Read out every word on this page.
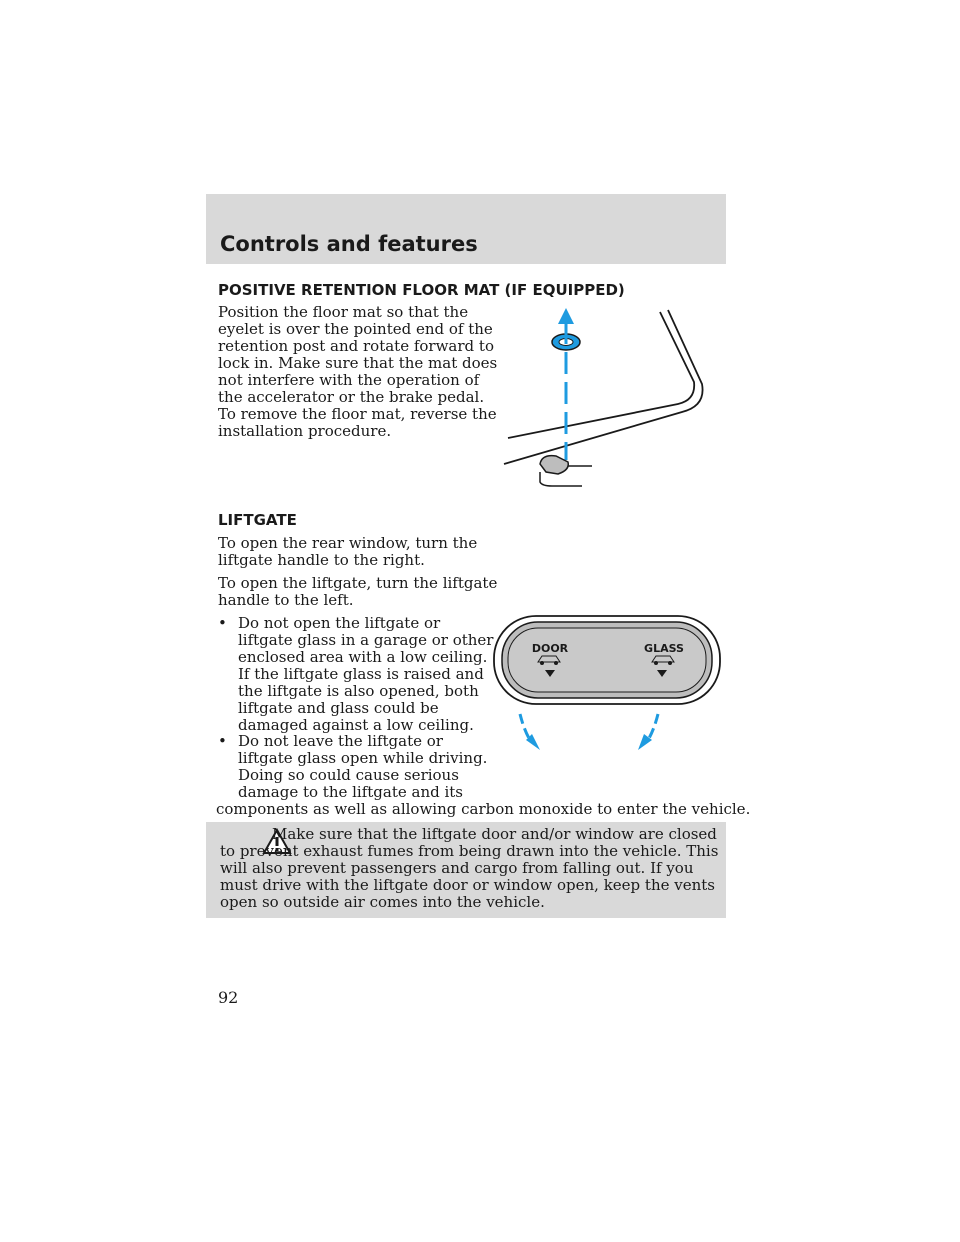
Controls and features
POSITIVE RETENTION FLOOR MAT (IF EQUIPPED)

Position the floor mat so that the
eyelet is over the pointed end of the
retention post and rotate forward to
lock in. Make sure that the mat does
not interfere with the operation of
the accelerator or the brake pedal.
To remove the floor mat, reverse the
installation procedure.

LIFTGATE

To open the rear window, turn the
liftgate handle to the right.

To open the liftgate, turn the liftgate
handle to the left.

• Do not open the liftgate or
liftgate glass in a garage or other
enclosed area with a low ceiling.
If the liftgate glass is raised and
the liftgate is also opened, both
liftgate and glass could be
damaged against a low ceiling.

• Do not leave the liftgate or
liftgate glass open while driving.
Doing so could cause serious
damage to the liftgate and its

components as well as allowing carbon monoxide to enter the vehicle.

DOOR	GLASS

Make sure that the liftgate door and/or window are closed to prevent exhaust fumes from being drawn into the vehicle. This will also prevent passengers and cargo from falling out. If you must drive with the liftgate door or window open, keep the vents open so outside air comes into the vehicle.

92
